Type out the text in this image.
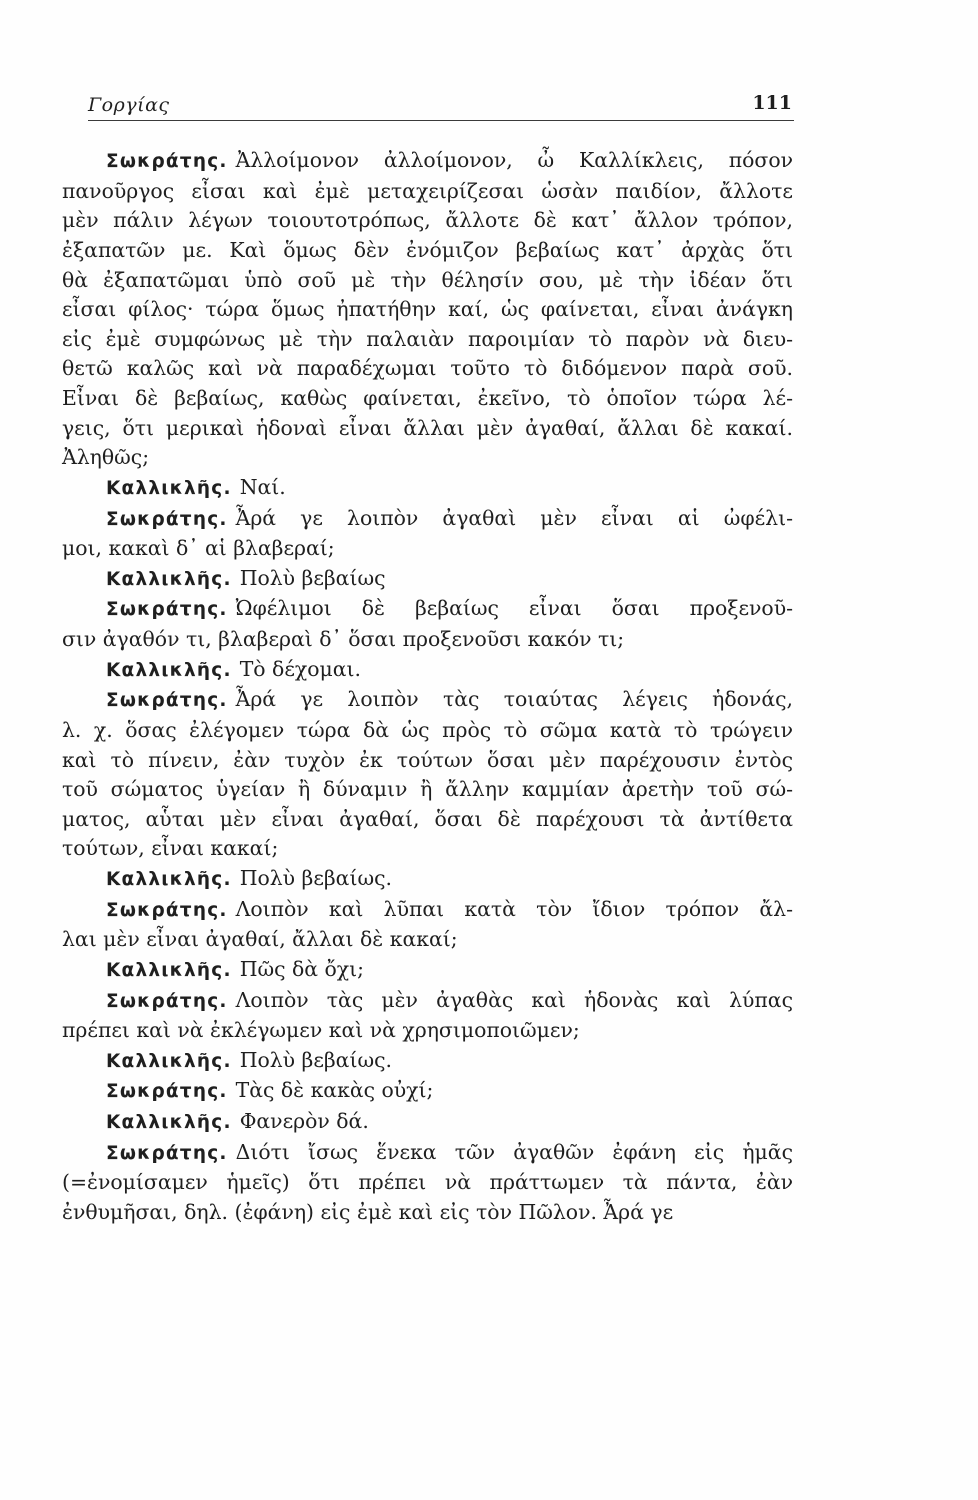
Γοργίας	111
Σωκράτης. Ἀλλοίμονον ἀλλοίμονον, ὦ Καλλίκλεις, πόσον
πανοῦργος εἶσαι καὶ ἐμὲ μεταχειρίζεσαι ὡσὰν παιδίον, ἄλλοτε
μὲν πάλιν λέγων τοιουτοτρόπως, ἄλλοτε δὲ κατ᾿ ἄλλον τρόπον,
ἐξαπατῶν με. Καὶ ὅμως δὲν ἐνόμιζον βεβαίως κατ᾿ ἀρχὰς ὅτι
θὰ ἐξαπατῶμαι ὑπὸ σοῦ μὲ τὴν θέλησίν σου, μὲ τὴν ἰδέαν ὅτι
εἶσαι φίλος· τώρα ὅμως ἠπατήθην καί, ὡς φαίνεται, εἶναι ἀνάγκη
εἰς ἐμὲ συμφώνως μὲ τὴν παλαιὰν παροιμίαν τὸ παρὸν νὰ διευ-
θετῶ καλῶς καὶ νὰ παραδέχωμαι τοῦτο τὸ διδόμενον παρὰ σοῦ.
Εἶναι δὲ βεβαίως, καθὼς φαίνεται, ἐκεῖνο, τὸ ὁποῖον τώρα λέ-
γεις, ὅτι μερικαὶ ἡδοναὶ εἶναι ἄλλαι μὲν ἀγαθαί, ἄλλαι δὲ κακαί.
Ἀληθῶς;
Καλλικλῆς. Ναί.
Σωκράτης. Ἆρά γε λοιπὸν ἀγαθαὶ μὲν εἶναι αἱ ὠφέλι-
μοι, κακαὶ δ᾿ αἱ βλαβεραί;
Καλλικλῆς. Πολὺ βεβαίως
Σωκράτης. Ὠφέλιμοι δὲ βεβαίως εἶναι ὅσαι προξενοῦ-
σιν ἀγαθόν τι, βλαβεραὶ δ᾿ ὅσαι προξενοῦσι κακόν τι;
Καλλικλῆς. Τὸ δέχομαι.
Σωκράτης. Ἆρά γε λοιπὸν τὰς τοιαύτας λέγεις ἡδονάς,
λ. χ. ὅσας ἐλέγομεν τώρα δὰ ὡς πρὸς τὸ σῶμα κατὰ τὸ τρώγειν
καὶ τὸ πίνειν, ἐὰν τυχὸν ἐκ τούτων ὅσαι μὲν παρέχουσιν ἐντὸς
τοῦ σώματος ὑγείαν ἢ δύναμιν ἢ ἄλλην καμμίαν ἀρετὴν τοῦ σώ-
ματος, αὗται μὲν εἶναι ἀγαθαί, ὅσαι δὲ παρέχουσι τὰ ἀντίθετα
τούτων, εἶναι κακαί;
Καλλικλῆς. Πολὺ βεβαίως.
Σωκράτης. Λοιπὸν καὶ λῦπαι κατὰ τὸν ἴδιον τρόπον ἄλ-
λαι μὲν εἶναι ἀγαθαί, ἄλλαι δὲ κακαί;
Καλλικλῆς. Πῶς δὰ ὄχι;
Σωκράτης. Λοιπὸν τὰς μὲν ἀγαθὰς καὶ ἡδονὰς καὶ λύπας
πρέπει καὶ νὰ ἐκλέγωμεν καὶ νὰ χρησιμοποιῶμεν;
Καλλικλῆς. Πολὺ βεβαίως.
Σωκράτης. Τὰς δὲ κακὰς οὐχί;
Καλλικλῆς. Φανερὸν δά.
Σωκράτης. Διότι ἴσως ἕνεκα τῶν ἀγαθῶν ἐφάνη εἰς ἡμᾶς
(=ἐνομίσαμεν ἡμεῖς) ὅτι πρέπει νὰ πράττωμεν τὰ πάντα, ἐὰν
ἐνθυμῆσαι, δηλ. (ἐφάνη) εἰς ἐμὲ καὶ εἰς τὸν Πῶλον. Ἆρά γε
